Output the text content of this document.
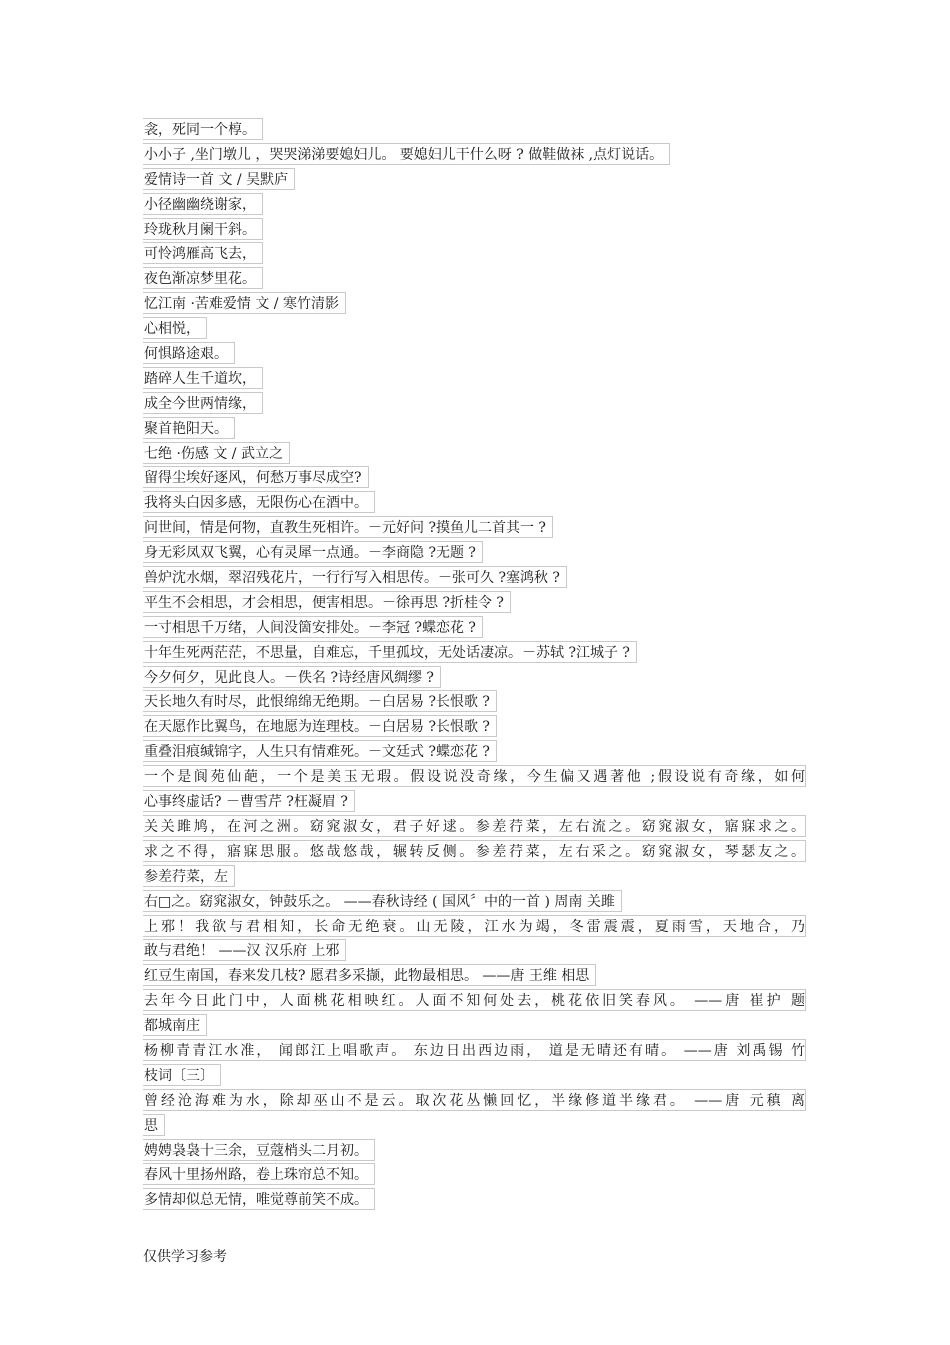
衾，死同一个椁。
小小子 ,坐门墩儿 ，哭哭涕涕要媳妇儿。 要媳妇儿干什么呀 ? 做鞋做袜 ,点灯说话。
爱情诗一首 文 / 吴默庐
小径幽幽绕谢家，
玲珑秋月阑干斜。
可怜鸿雁高飞去，
夜色渐凉梦里花。
忆江南 ·苦难爱情 文 / 寒竹清影
心相悦，
何惧路途艰。
踏碎人生千道坎，
成全今世两情缘，
聚首艳阳天。
七绝 ·伤感 文 / 武立之
留得尘埃好逐风，何愁万事尽成空?
我将头白因多感，无限伤心在酒中。
问世间，情是何物，直教生死相许。－元好问 ?摸鱼儿二首其一 ?
身无彩凤双飞翼，心有灵犀一点通。－李商隐 ?无题 ?
兽炉沈水烟，翠沼残花片，一行行写入相思传。－张可久 ?塞鸿秋 ?
平生不会相思，才会相思，便害相思。－徐再思 ?折桂令 ?
一寸相思千万绪，人间没箇安排处。－李冠 ?蝶恋花 ?
十年生死两茫茫，不思量，自难忘，千里孤坟，无处话凄凉。－苏轼 ?江城子 ?
今夕何夕，见此良人。－佚名 ?诗经唐风绸缪 ?
天长地久有时尽，此恨绵绵无绝期。－白居易 ?长恨歌 ?
在天愿作比翼鸟，在地愿为连理枝。－白居易 ?长恨歌 ?
重叠泪痕缄锦字，人生只有情难死。－文廷式 ?蝶恋花 ?
一个是阆苑仙葩，一个是美玉无瑕。假设说没奇缘，今生偏又遇著他 ;假设说有奇缘，如何
心事终虚话? －曹雪芹 ?枉凝眉 ?
关关雎鸠，在河之洲。窈窕淑女，君子好逑。参差荇菜，左右流之。窈窕淑女，寤寐求之。
求之不得，寤寐思服。悠哉悠哉，辗转反侧。参差荇菜，左右采之。窈窕淑女，琴瑟友之。
参差荇菜，左
右□之。窈窕淑女，钟鼓乐之。 ——春秋诗经 ( 国风〞中的一首 ) 周南 关雎
上邪！我欲与君相知，长命无绝衰。山无陵，江水为竭，冬雷震震，夏雨雪，天地合，乃
敢与君绝！ ——汉 汉乐府 上邪
红豆生南国，春来发几枝? 愿君多采撷，此物最相思。 ——唐 王维 相思
去年今日此门中，人面桃花相映红。人面不知何处去，桃花依旧笑春风。 ——唐 崔护 题
都城南庄
杨柳青青江水准， 闻郎江上唱歌声。 东边日出西边雨， 道是无晴还有晴。 ——唐 刘禹锡 竹
枝词〔三〕
曾经沧海难为水，除却巫山不是云。取次花丛懒回忆，半缘修道半缘君。 ——唐 元稹 离
思
娉娉袅袅十三余，豆蔻梢头二月初。
春风十里扬州路，卷上珠帘总不知。
多情却似总无情，唯觉尊前笑不成。
仅供学习参考
